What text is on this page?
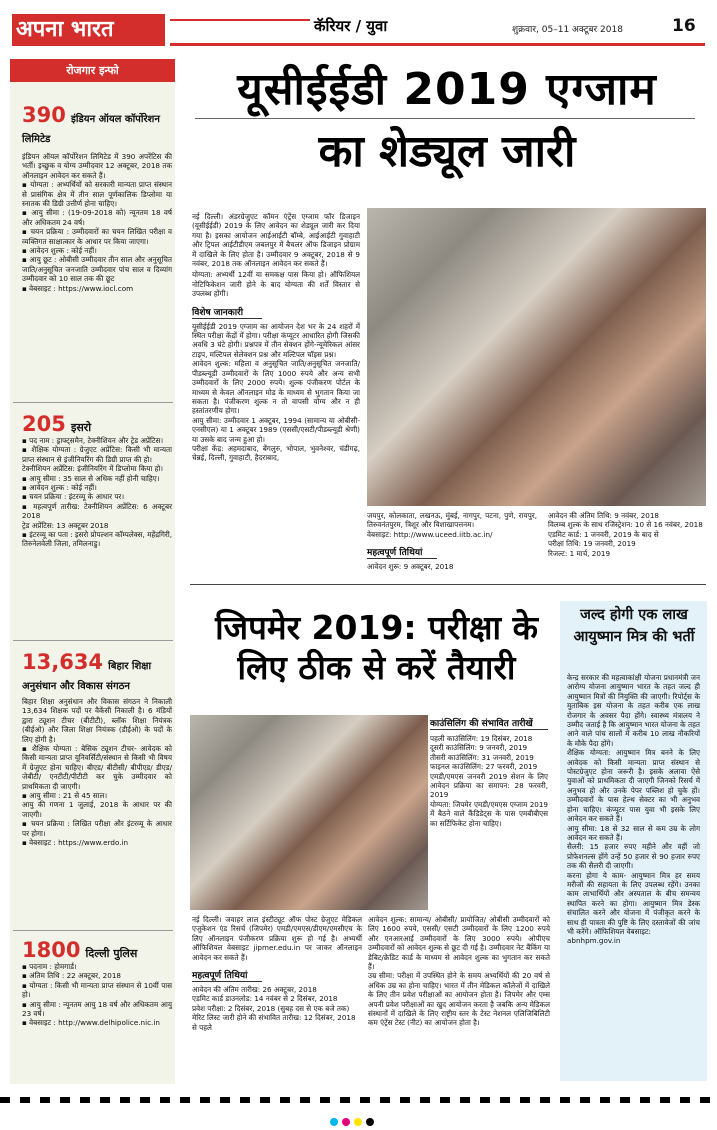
अपना भारत	कॅरियर / युवा	शुक्रवार, 05–11 अक्टूबर 2018	16
रोजगार इन्फो
390 इंडियन ऑयल कॉर्पोरेशन लिमिटेड
इंडियन ऑयल कॉर्पोरेशन लिमिटेड में 390 अपरेंटिस की भर्ती। इच्छुक व योग्य उम्मीदवार 12 अक्टूबर, 2018 तक ऑनलाइन आवेदन कर सकते हैं।
▪ योग्यता : अभ्यर्थियों को सरकारी मान्यता प्राप्त संस्थान से प्रासंगिक क्षेत्र में तीन साल पूर्णकालिक डिप्लोमा या स्नातक की डिग्री उत्तीर्ण होना चाहिए।
▪ आयु सीमा : (19-09-2018 को) न्यूनतम 18 वर्ष और अधिकतम 24 वर्ष।
▪ चयन प्रक्रिया : उम्मीदवारों का चयन लिखित परीक्षा व व्यक्तिगत साक्षात्कार के आधार पर किया जाएगा।
▪ आवेदन शुल्क : कोई नहीं।
▪ आयु छूट : ओबीसी उम्मीदवार तीन साल और अनुसूचित जाति/अनुसूचित जनजाति उम्मीदवार पांच साल व दिव्यांग उम्मीदवार को 10 साल तक की छूट
▪ वेबसाइट : https://www.iocl.com
205 इसरो
▪ पद नाम : ड्राफ्ट्समैन, टेक्नीशियन और ट्रेड अप्रेंटिस।
▪ शैक्षिक योग्यता : ग्रेजुएट अप्रेंटिस: किसी भी मान्यता प्राप्त संस्थान से इंजीनियरिंग की डिग्री प्राप्त की हो।
टेक्नीशियन अप्रेंटिस: इंजीनियरिंग में डिप्लोमा किया हो।
▪ आयु सीमा : 35 साल से अधिक नहीं होनी चाहिए।
▪ आवेदन शुल्क : कोई नहीं।
▪ चयन प्रक्रिया : इंटरव्यू के आधार पर।
▪ महत्वपूर्ण तारीख: टेक्नीशियन अप्रेंटिस: 6 अक्टूबर 2018
ट्रेड अप्रेंटिस: 13 अक्टूबर 2018
▪ इंटरव्यू का पता : इसरो प्रोपल्शन कॉम्पलेक्स, महेंद्रगिरी, तिरुनेलवेली जिला, तमिलनाडु।
13,634 बिहार शिक्षा अनुसंधान और विकास संगठन
बिहार शिक्षा अनुसंधान और विकास संगठन ने निकाली 13,634 शिक्षक पदों पर वैकेंसी निकाली है। 6 मंडियों द्वारा ट्यूशन टीचर (बीटीटी), ब्लॉक शिक्षा नियंत्रक (बीईओ) और जिला शिक्षा नियंत्रक (डीईओ) के पदों के लिए होगी है।
▪ शैक्षिक योग्यता : बेसिक ट्यूशन टीचर- आवेदक को किसी मान्यता प्राप्त यूनिवर्सिटी/संस्थान से किसी भी विषय में ग्रेजुएट होना चाहिए। बीएड/ बीटीसी/ बीपीएड/ डीएड/जेबीटी/ एनटीटी/पीटीटी कर चुके उम्मीदवार को प्राथमिकता दी जाएगी।
▪ आयु सीमा : 21 से 45 साल।
आयु की गणना 1 जुलाई, 2018 के आधार पर की जाएगी।
▪ चयन प्रक्रिया : लिखित परीक्षा और इंटरव्यू के आधार पर होगा।
▪ वेबसाइट : https://www.erdo.in
1800 दिल्ली पुलिस
▪ पदनाम : होमगार्ड।
▪ अंतिम तिथि : 22 अक्टूबर, 2018
▪ योग्यता : किसी भी मान्यता प्राप्त संस्थान से 10वीं पास हो।
▪ आयु सीमा : न्यूनतम आयु 18 वर्ष और अधिकतम आयु 23 वर्ष।
▪ वेबसाइट : http://www.delhipolice.nic.in
यूसीईईडी 2019 एग्जाम
का शेड्यूल जारी
नई दिल्ली। अंडरग्रेजुएट कॉमन एंट्रेंस एग्जाम फॉर डिजाइन (यूसीईईडी) 2019 के लिए आवेदन का शेड्यूल जारी कर दिया गया है। इसका आयोजन आईआईटी बॉम्बे, आईआईटी गुवाहाटी और ट्रिपल आईटीडीएम जबलपुर में बैचलर ऑफ डिजाइन प्रोग्राम में दाखिले के लिए होता है। उम्मीदवार 9 अक्टूबर, 2018 से 9 नवंबर, 2018 तक ऑनलाइन आवेदन कर सकते हैं।
योग्यता: अभ्यर्थी 12वीं या समकक्ष पास किया हो। ऑफिशियल नोटिफिकेशन जारी होने के बाद योग्यता की शर्तें विस्तार से उपलब्ध होंगी।
विशेष जानकारी
यूसीईईडी 2019 एग्जाम का आयोजन देश भर के 24 शहरों में स्थित परीक्षा केंद्रों में होगा। परीक्षा कंप्यूटर आधारित होगी जिसकी अवधि 3 घंटे होगी। प्रश्नपत्र में तीन सेक्शन होंगे-न्यूमेरिकल आंसर टाइप, मल्टिपल सेलेक्शन प्रश्न और मल्टिपल चॉइस प्रश्न।
आवेदन शुल्क: महिला व अनुसूचित जाति/अनुसूचित जनजाति/पीडब्ल्यूडी उम्मीदवारों के लिए 1000 रुपये और अन्य सभी उम्मीदवारों के लिए 2000 रुपये। शुल्क पंजीकरण पोर्टल के माध्यम से केवल ऑनलाइन मोड के माध्यम से भुगतान किया जा सकता है। पंजीकरण शुल्क न तो वापसी योग्य और न ही हस्तांतरणीय होगा।
आयु सीमा: उम्मीदवार 1 अक्टूबर, 1994 (सामान्य या ओबीसी-एनसीएल) या 1 अक्टूबर 1989 (एससी/एसटी/पीडब्ल्यूडी श्रेणी) या उसके बाद जन्म हुआ हो।
परीक्षा केंद्र: अहमदाबाद, बेंगलुरु, भोपाल, भुवनेश्वर, चंडीगढ़, चेन्नई, दिल्ली, गुवाहाटी, हैदराबाद,
जयपुर, कोलकाता, लखनऊ, मुंबई, नागपुर, पटना, पुणे, रायपुर, तिरुवनंतपुरम, त्रिशूर और विशाखापत्तनम।
वेबसाइट: http://www.uceed.iitb.ac.in/
महत्वपूर्ण तिथियां
आवेदन शुरू: 9 अक्टूबर, 2018
आवेदन की अंतिम तिथि: 9 नवंबर, 2018
विलम्ब शुल्क के साथ रजिस्ट्रेशन: 10 से 16 नवंबर, 2018
एडमिट कार्ड: 1 जनवरी, 2019 के बाद से
परीक्षा तिथि: 19 जनवरी, 2019
रिजल्ट: 1 मार्च, 2019
जिपमेर 2019: परीक्षा के लिए ठीक से करें तैयारी
काउंसिलिंग की संभावित तारीखें
पहली काउंसिलिंग: 19 दिसंबर, 2018
दूसरी काउंसिलिंग: 9 जनवरी, 2019
तीसरी काउंसिलिंग: 31 जनवरी, 2019
फाइनल काउंसिलिंग: 27 फरवरी, 2019
एमडी/एमएस जनवरी 2019 सेशन के लिए आवेदन प्रक्रिया का समापन: 28 फरवरी, 2019
योग्यता: जिपमेर एमडी/एमएस एग्जाम 2019 में बैठने वाले कैंडिडेट्स के पास एमबीबीएस का सर्टिफिकेट होना चाहिए।
नई दिल्ली। जवाहर लाल इंस्टीट्यूट ऑफ पोस्ट ग्रेजुएट मेडिकल एजुकेशन एंड रिसर्च (जिपमेर) एमडी/एमएस/डीएम/एमसीएच के लिए ऑनलाइन पंजीकरण प्रक्रिया शुरू हो गई है। अभ्यर्थी ऑफिशियल वेबसाइट jipmer.edu.in पर जाकर ऑनलाइन आवेदन कर सकते हैं।
महत्वपूर्ण तिथियां
आवेदन की अंतिम तारीख: 26 अक्टूबर, 2018
एडमिट कार्ड डाउनलोड: 14 नवंबर से 2 दिसंबर, 2018
प्रवेश परीक्षा: 2 दिसंबर, 2018 (सुबह दस से एक बजे तक)
मेरिट लिस्ट जारी होने की संभावित तारीख: 12 दिसंबर, 2018 से पहले
आवेदन शुल्क: सामान्य/ ओबीसी/ प्रायोजित/ ओबीसी उम्मीदवारों को लिए 1600 रुपये, एससी/ एसटी उम्मीदवारों के लिए 1200 रुपये और एनआरआई उम्मीदवारों के लिए 3000 रुपये। ओपीएच उम्मीदवारों को आवेदन शुल्क से छूट दी गई है। उम्मीदवार नेट बैंकिंग या डेबिट/क्रेडिट कार्ड के माध्यम से आवेदन शुल्क का भुगतान कर सकते हैं।
उम्र सीमा: परीक्षा में उपस्थित होने के समय अभ्यर्थियों की 20 वर्ष से अधिक उम्र का होना चाहिए। भारत में तीन मेडिकल कॉलेजों में दाखिले के लिए तीन प्रवेश परीक्षाओं का आयोजन होता है। जिपमेर और एम्स अपनी प्रवेश परीक्षाओं का खुद आयोजन करता है जबकि अन्य मेडिकल संस्थानों में दाखिले के लिए राष्ट्रीय स्तर के टेस्ट नेशनल एलिजिबिलिटी कम एंट्रेंस टेस्ट (नीट) का आयोजन होता है।
जल्द होगी एक लाख आयुष्मान मित्र की भर्ती
केन्द्र सरकार की महत्वाकांक्षी योजना प्रधानमंत्री जन आरोग्य योजना आयुष्मान भारत के तहत जल्द ही आयुष्मान मित्रों की नियुक्ति की जाएगी। रिपोर्ट्स के मुताबिक इस योजना के तहत करीब एक लाख रोजगार के अवसर पैदा होंगे। स्वास्थ्य मंत्रालय ने उम्मीद जताई है कि आयुष्मान भारत योजना के तहत आने वाले पांच सालों में करीब 10 लाख नौकरियों के मौके पैदा होंगे।
शैक्षिक योग्यता: आयुष्मान मित्र बनने के लिए आवेदक को किसी मान्यता प्राप्त संस्थान से पोस्टग्रेजुएट होना जरूरी है। इसके अलावा ऐसे युवाओं को प्राथमिकता दी जाएगी जिनको रिसर्च में अनुभव हो और उनके पेपर पब्लिश हो चुके हों। उम्मीदवारों के पास हेल्थ सेक्टर का भी अनुभव होना चाहिए। कंप्यूटर पास युवा भी इसके लिए आवेदन कर सकते हैं।
आयु सीमा: 18 से 32 साल से कम उम्र के लोग आवेदन कर सकते हैं।
सैलरी: 15 हजार रुपए महीने और वहीं जो प्रोफेशनल्स होंगे उन्हें 50 हजार से 90 हजार रुपए तक की सैलरी दी जाएगी।
करना होगा ये काम- आयुष्मान मित्र हर समय मरीजों की सहायता के लिए उपलब्ध रहेंगे। उनका काम लाभार्थियों और अस्पताल के बीच समन्वय स्थापित करने का होगा। आयुष्मान मित्र डेस्क संचालित करने और योजना में पंजीकृत करने के साथ ही पात्रता की पुष्टि के लिए दस्तावेजों की जांच भी करेंगे। ऑफिशियल वेबसाइट:
abnhpm.gov.in
